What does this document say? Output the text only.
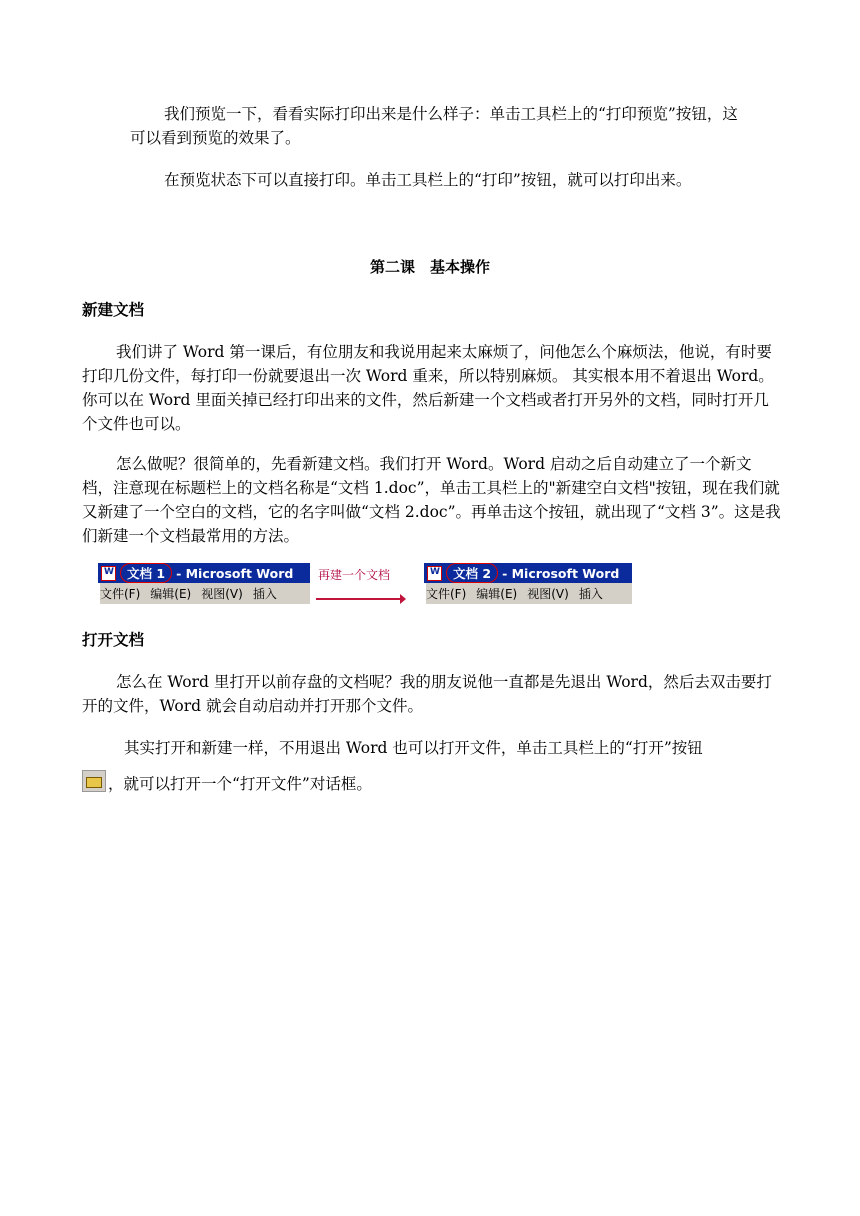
我们预览一下，看看实际打印出来是什么样子：单击工具栏上的“打印预览”按钮，这可以看到预览的效果了。

在预览状态下可以直接打印。单击工具栏上的“打印”按钮，就可以打印出来。

第二课　基本操作
新建文档

我们讲了 Word 第一课后，有位朋友和我说用起来太麻烦了，问他怎么个麻烦法，他说，有时要打印几份文件，每打印一份就要退出一次 Word 重来，所以特别麻烦。 其实根本用不着退出 Word。你可以在 Word 里面关掉已经打印出来的文件，然后新建一个文档或者打开另外的文档，同时打开几个文件也可以。

怎么做呢？很简单的，先看新建文档。我们打开 Word。Word 启动之后自动建立了一个新文档，注意现在标题栏上的文档名称是“文档 1.doc”，单击工具栏上的"新建空白文档"按钮，现在我们就又新建了一个空白的文档，它的名字叫做“文档 2.doc”。再单击这个按钮，就出现了“文档 3”。这是我们新建一个文档最常用的方法。

W
文档 1 - Microsoft Word
文件(F) 编辑(E) 视图(V) 插入
再建一个文档
W	文档 2 - Microsoft Word
文件(F) 编辑(E) 视图(V) 插入
打开文档

怎么在 Word 里打开以前存盘的文档呢？我的朋友说他一直都是先退出 Word，然后去双击要打开的文件，Word 就会自动启动并打开那个文件。

其实打开和新建一样，不用退出 Word 也可以打开文件，单击工具栏上的“打开”按钮

，就可以打开一个“打开文件”对话框。
